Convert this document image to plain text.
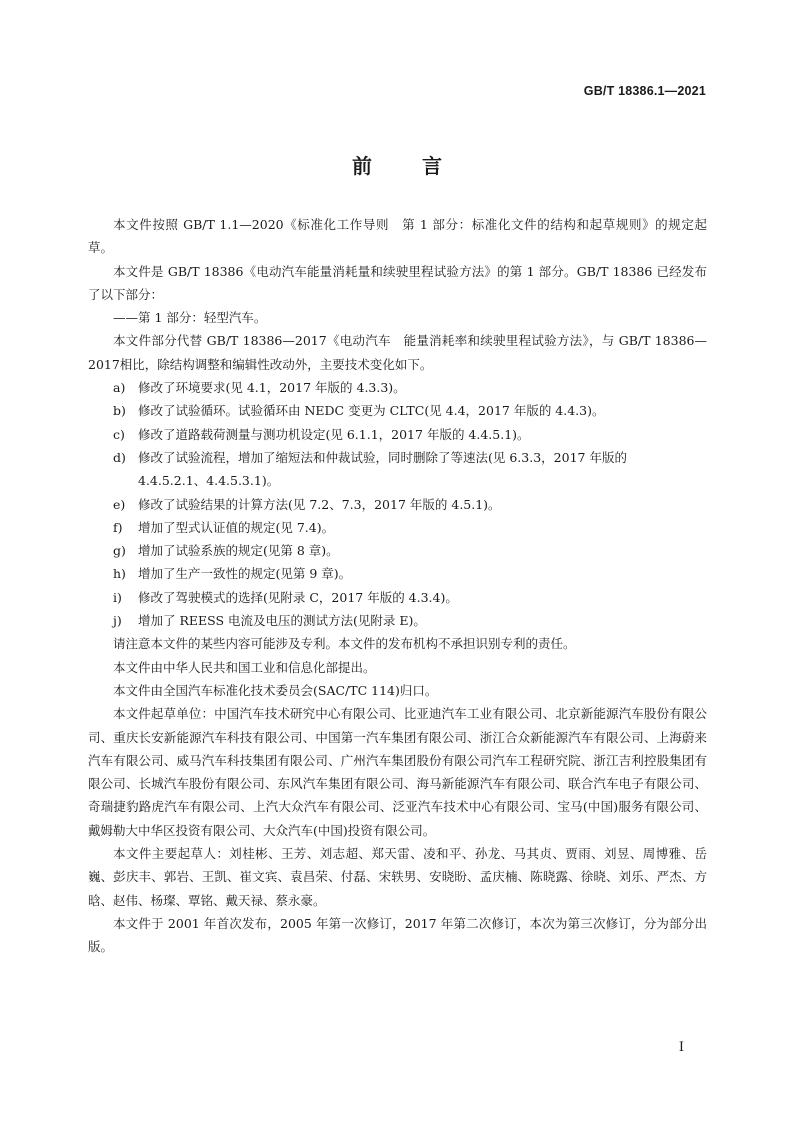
GB/T 18386.1—2021
前 言

本文件按照 GB/T 1.1—2020《标准化工作导则　第 1 部分：标准化文件的结构和起草规则》的规定起草。

本文件是 GB/T 18386《电动汽车能量消耗量和续驶里程试验方法》的第 1 部分。GB/T 18386 已经发布了以下部分：

——第 1 部分：轻型汽车。

本文件部分代替 GB/T 18386—2017《电动汽车　能量消耗率和续驶里程试验方法》，与 GB/T 18386—2017相比，除结构调整和编辑性改动外，主要技术变化如下。

a) 修改了环境要求(见 4.1，2017 年版的 4.3.3)。

b) 修改了试验循环。试验循环由 NEDC 变更为 CLTC(见 4.4，2017 年版的 4.4.3)。

c) 修改了道路载荷测量与测功机设定(见 6.1.1，2017 年版的 4.4.5.1)。

d) 修改了试验流程，增加了缩短法和仲裁试验，同时删除了等速法(见 6.3.3，2017 年版的
4.4.5.2.1、4.4.5.3.1)。

e) 修改了试验结果的计算方法(见 7.2、7.3，2017 年版的 4.5.1)。

f) 增加了型式认证值的规定(见 7.4)。

g) 增加了试验系族的规定(见第 8 章)。

h) 增加了生产一致性的规定(见第 9 章)。

i) 修改了驾驶模式的选择(见附录 C，2017 年版的 4.3.4)。

j) 增加了 REESS 电流及电压的测试方法(见附录 E)。

请注意本文件的某些内容可能涉及专利。本文件的发布机构不承担识别专利的责任。

本文件由中华人民共和国工业和信息化部提出。

本文件由全国汽车标准化技术委员会(SAC/TC 114)归口。

本文件起草单位：中国汽车技术研究中心有限公司、比亚迪汽车工业有限公司、北京新能源汽车股份有限公司、重庆长安新能源汽车科技有限公司、中国第一汽车集团有限公司、浙江合众新能源汽车有限公司、上海蔚来汽车有限公司、威马汽车科技集团有限公司、广州汽车集团股份有限公司汽车工程研究院、浙江吉利控股集团有限公司、长城汽车股份有限公司、东风汽车集团有限公司、海马新能源汽车有限公司、联合汽车电子有限公司、奇瑞捷豹路虎汽车有限公司、上汽大众汽车有限公司、泛亚汽车技术中心有限公司、宝马(中国)服务有限公司、戴姆勒大中华区投资有限公司、大众汽车(中国)投资有限公司。

本文件主要起草人：刘桂彬、王芳、刘志超、郑天雷、凌和平、孙龙、马其贞、贾雨、刘昱、周博雅、岳巍、彭庆丰、郭岩、王凯、崔文宾、袁昌荣、付磊、宋轶男、安晓盼、孟庆楠、陈晓露、徐晓、刘乐、严杰、方晗、赵伟、杨璨、覃铭、戴天禄、蔡永豪。

本文件于 2001 年首次发布，2005 年第一次修订，2017 年第二次修订，本次为第三次修订，分为部分出版。

I
